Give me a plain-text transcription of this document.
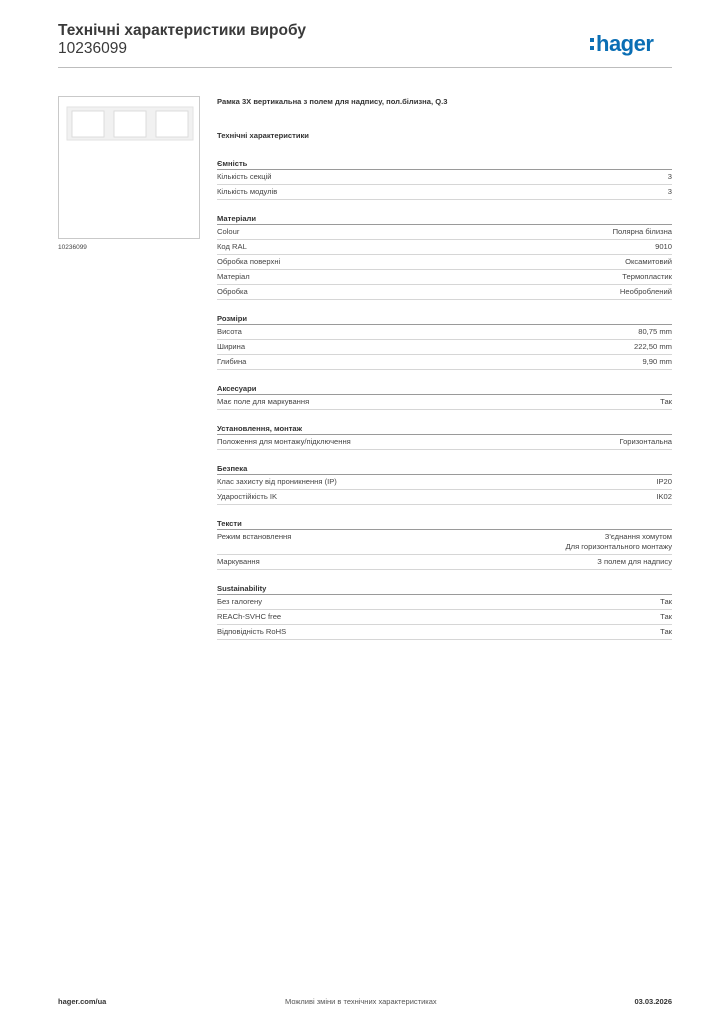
Технічні характеристики виробу
10236099	hager
10236099
Рамка 3Х вертикальна з полем для надпису, пол.білизна, Q.3
Технічні характеристики
Ємність
Кількість секцій	3
Кількість модулів	3
Матеріали
Colour	Полярна білизна
Код RAL	9010
Обробка поверхні	Оксамитовий
Матеріал	Термопластик
Обробка	Необроблений
Розміри
Висота	80,75 mm
Ширина	222,50 mm
Глибина	9,90 mm
Аксесуари
Має поле для маркування	Так
Установлення, монтаж
Положення для монтажу/підключення	Горизонтальна
Безпека
Клас захисту від проникнення (IP)	IP20
Ударостійкість IK	IK02
Тексти
Режим встановлення	З'єднання хомутом
Для горизонтального монтажу
Маркування	З полем для надпису
Sustainability
Без галогену	Так
REACh-SVHC free	Так
Відповідність RoHS	Так
hager.com/ua	Можливі зміни в технічних характеристиках	03.03.2026
